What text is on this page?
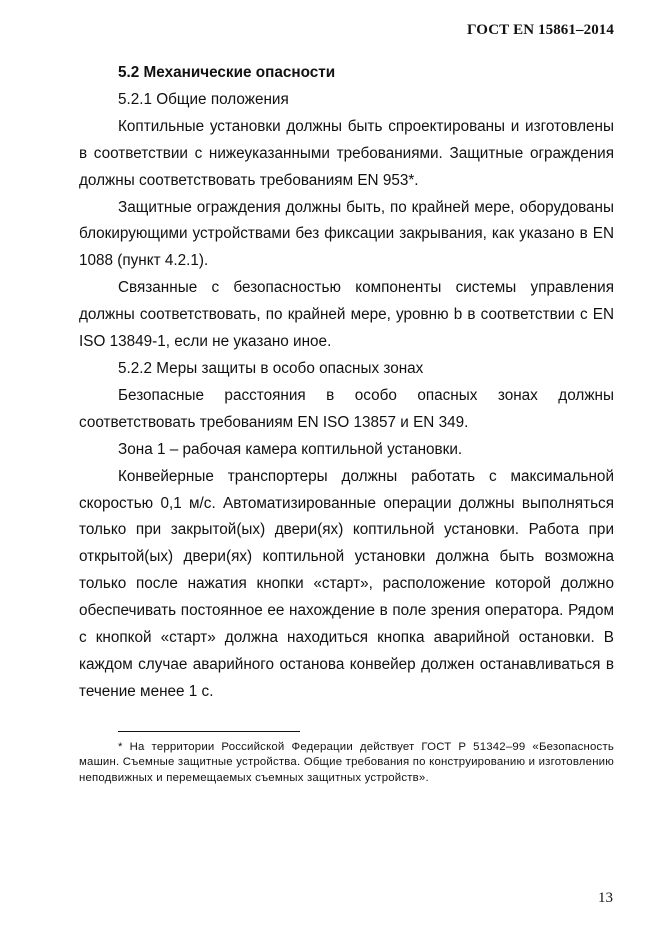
ГОСТ EN 15861–2014

5.2 Механические опасности

5.2.1 Общие положения

Коптильные установки должны быть спроектированы и изготовлены в соответствии с нижеуказанными требованиями. Защитные ограждения должны соответствовать требованиям EN 953*.

Защитные ограждения должны быть, по крайней мере, оборудованы блокирующими устройствами без фиксации закрывания, как указано в EN 1088 (пункт 4.2.1).

Связанные с безопасностью компоненты системы управления должны соответствовать, по крайней мере, уровню b в соответствии с EN ISO 13849-1, если не указано иное.

5.2.2 Меры защиты в особо опасных зонах

Безопасные расстояния в особо опасных зонах должны соответствовать требованиям EN ISO 13857 и EN 349.

Зона 1 – рабочая камера коптильной установки.

Конвейерные транспортеры должны работать с максимальной скоростью 0,1 м/с. Автоматизированные операции должны выполняться только при закрытой(ых) двери(ях) коптильной установки. Работа при открытой(ых) двери(ях) коптильной установки должна быть возможна только после нажатия кнопки «старт», расположение которой должно обеспечивать постоянное ее нахождение в поле зрения оператора. Рядом с кнопкой «старт» должна находиться кнопка аварийной остановки. В каждом случае аварийного останова конвейер должен останавливаться в течение менее 1 с.

* На территории Российской Федерации действует ГОСТ Р 51342–99 «Безопасность машин. Съемные защитные устройства. Общие требования по конструированию и изготовлению неподвижных и перемещаемых съемных защитных устройств».
13
